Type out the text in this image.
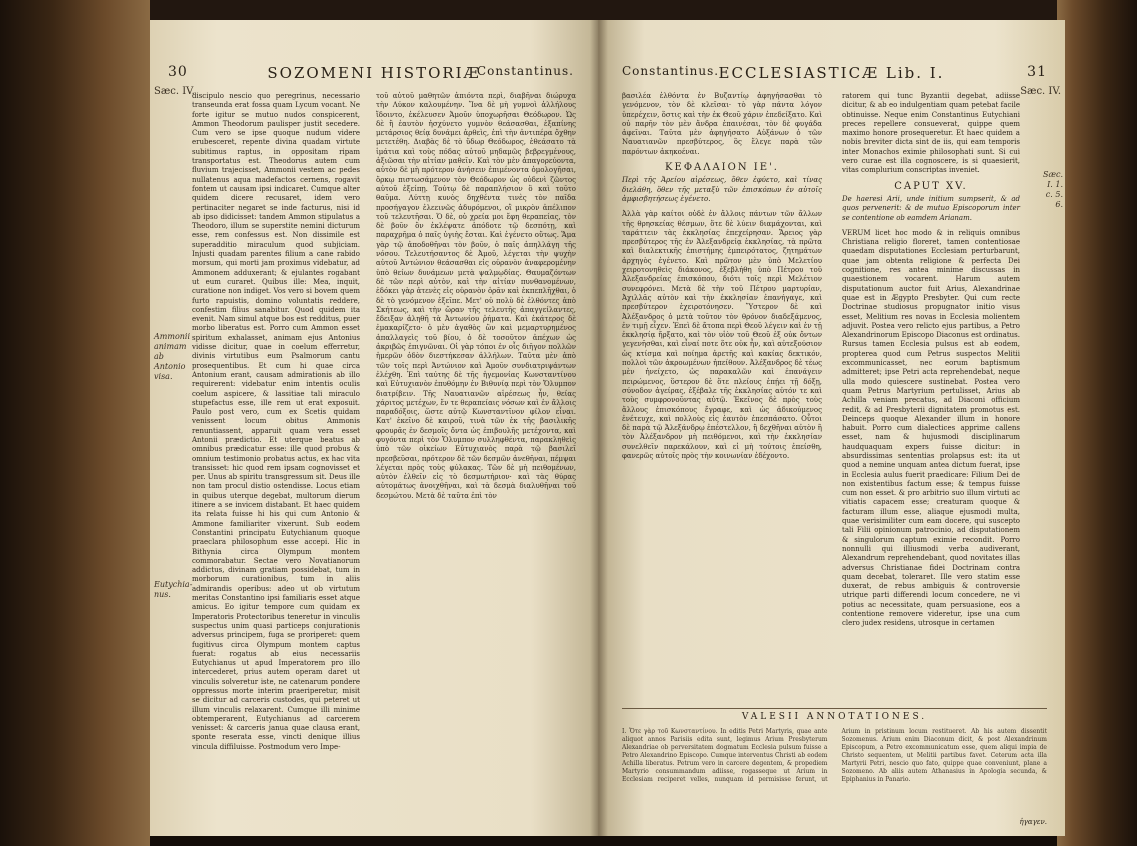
30	SOZOMENI HISTORIÆ
Constantinus.
Sæc. IV.
Ammonii animam ab Antonio visa.
Eutychia-nus.

discipulo nescio quo peregrinus, necessario transeunda erat fossa quam Lycum vocant. Ne forte igitur se mutuo nudos conspicerent, Ammon Theodorum paulisper justit secedere. Cum vero se ipse quoque nudum videre erubesceret, repente divina quadam virtute subitimus raptus, in oppositam ripam transportatus est. Theodorus autem cum fluvium trajecisset, Ammonii vestem ac pedes nullatenus aqua madefactos cernens, rogavit fontem ut causam ipsi indicaret. Cumque alter quidem dicere recusaret, idem vero pertinaciter negaret se inde facturus, nisi id ab ipso didicisset: tandem Ammon stipulatus a Theodoro, illum se superstite nemini dicturum esse, rem confessus est. Non dissimile est superadditio miraculum quod subjiciam. Injusti quadam parentes filium a cane rabido morsum, qui morti jam proximus videbatur, ad Ammonem adduxerant; & ejulantes rogabant ut eum curaret. Quibus ille: Mea, inquit, curatione non indiget. Vos vero si bovem quem furto rapuistis, domino voluntatis reddere, confestim filius sanabitur. Quod quidem ita evenit. Nam simul atque bos est redditus, puer morbo liberatus est. Porro cum Ammon esset spiritum exhalasset, animam ejus Antonius vidisse dicitur, quae in coelum efferretur, divinis virtutibus eum Psalmorum cantu prosequentibus. Et cum hi quae circa Antonium erant, causam admirationis ab illo requirerent: videbatur enim intentis oculis coelum aspicere, & lassitiae tali miraculo stupefactus esse, ille rem ut erat exposuit. Paulo post vero, cum ex Scetis quidam venissent locum obitus Ammonis renuntiassent, apparuit quam vera esset Antonii prædictio. Et uterque beatus ab omnibus prædicatur esse: ille quod probus & omnium testimonio probatus actus, ex hac vita transisset: hic quod rem ipsam cognovisset et per. Unus ab spiritu transgressum sit. Deus ille non tam procul distio ostendisse. Locus etiam in quibus uterque degebat, multorum dierum itinere a se invicem distabant. Et haec quidem ita relata fuisse hi his qui cum Antonio & Ammone familiariter vixerunt. Sub eodem Constantini principatu Eutychianum quoque praeclara philosophum esse accepi. Hic in Bithynia circa Olympum montem commorabatur. Sectae vero Novatianorum addictus, divinam gratiam possidebat, tum in morborum curationibus, tum in aliis admirandis operibus: adeo ut ob virtutum meritas Constantino ipsi familiaris esset atque amicus. Eo igitur tempore cum quidam ex Imperatoris Protectoribus teneretur in vinculis suspectus unim quasi particeps conjurationis adversus principem, fuga se proriperet: quem fugitivus circa Olympum montem captus fuerat: rogatus ab eius necessariis Eutychianus ut apud Imperatorem pro illo intercederet, prius autem operam daret ut vinculis solveretur iste, ne catenarum pondere oppressus morte interim praeriperetur, misit se dicitur ad carceris custodes, qui peteret ut illum vinculis relaxarent. Cumque illi minime obtemperarent, Eutychianus ad carcerem venisset: & carceris janua quae clausa erant, sponte reserata esse, vincti denique illius vincula diffiluisse. Postmodum vero Impe-

τοῦ αὐτοῦ μαθητῶν ἀπιόντα περὶ, διαβῆναι διώρυχα τὴν Λύκον καλουμένην. Ἵνα δὲ μὴ γυμνοὶ ἀλλήλους ἴδοιντο, ἐκέλευσεν Ἀμοῦν ὑποχωρῆσαι Θεόδωρον. Ὡς δὲ ἢ ἑαυτὸν ἠσχύνετο γυμνὸν θεάσασθαι, ἐξαπίνης μετάρσιος θείᾳ δυνάμει ἀρθεὶς, ἐπὶ τὴν ἀντιπέρα ὄχθην μετετέθη. Διαβὰς δὲ τὸ ὕδωρ Θεόδωρος, ἐθεάσατο τὰ ἱμάτια καὶ τοὺς πόδας αὐτοῦ μηδαμῶς βεβρεγμένους, ἀξιῶσαι τὴν αἰτίαν μαθεῖν. Καὶ τὸν μὲν ἀπαγορεύοντα, αὐτὸν δὲ μὴ πρότερον ἀνήσειν ἐπιμένοντα ὁμολογῆσαι, ὅρκῳ πιστωσάμενον τὸν Θεόδωρον ὡς οὐδενὶ ζῶντος αὐτοῦ ἐξείπῃ. Τούτῳ δὲ παραπλήσιον ὃ καὶ τοῦτο θαῦμα. Λύττῃ κυνὸς δηχθέντα τινὲς τὸν παῖδα προσήγαγον ἐλεεινῶς ἀδυρόμενοι, οἳ μικρὸν ἀπέλιπον τοῦ τελευτῆσαι. Ὁ δὲ, οὐ χρεία μοι ἔφη θεραπείας, τὸν δὲ βοῦν ὃν ἐκλέψατε ἀπόδοτε τῷ δεσπότῃ, καὶ παραχρῆμα ὁ παῖς ὑγιὴς ἔσται. Καὶ ἐγένετο οὕτως. Ἅμα γὰρ τῷ ἀποδοθῆναι τὸν βοῦν, ὁ παῖς ἀπηλλάγη τῆς νόσου. Τελευτήσαντος δὲ Ἀμοῦ, λέγεται τὴν ψυχὴν αὐτοῦ Ἀντώνιον θεάσασθαι εἰς οὐρανὸν ἀναφερομένην ὑπὸ θείων δυνάμεων μετὰ ψαλμῳδίας. Θαυμαζόντων δὲ τῶν περὶ αὐτὸν, καὶ τὴν αἰτίαν πυνθανομένων, ἐδόκει γὰρ ἀτενὲς εἰς οὐρανὸν ὁρᾶν καὶ ἐκπεπλῆχθαι, ὁ δὲ τὸ γενόμενον ἐξεῖπε. Μετ' οὐ πολὺ δὲ ἐλθόντες ἀπὸ Σκήτεως, καὶ τὴν ὥραν τῆς τελευτῆς ἀπαγγείλαντες, ἔδειξαν ἀληθῆ τὰ Ἀντωνίου ῥήματα. Καὶ ἑκάτερος δὲ ἐμακαρίζετο· ὁ μὲν ἀγαθὸς ὢν καὶ μεμαρτυρημένος ἀπαλλαγεὶς τοῦ βίου, ὁ δὲ τοσοῦτον ἀπέχων ὡς ἀκριβῶς ἐπιγνῶναι. Οἱ γὰρ τόποι ἐν οἷς διῆγον πολλῶν ἡμερῶν ὁδὸν διεστήκεσαν ἀλλήλων. Ταῦτα μὲν ἀπὸ τῶν τοῖς περὶ Ἀντώνιον καὶ Ἀμοῦν συνδιατριψάντων ἐλέχθη. Ἐπὶ ταύτης δὲ τῆς ἡγεμονίας Κωνσταντίνου καὶ Εὐτυχιανὸν ἐπυθόμην ἐν Βιθυνίᾳ περὶ τὸν Ὄλυμπον διατρίβειν. Τῆς Ναυατιανῶν αἱρέσεως ἦν, θείας χάριτος μετέχων, ἔν τε θεραπείαις νόσων καὶ ἐν ἄλλοις παραδόξοις, ὥστε αὐτῷ Κωνσταντῖνον φίλον εἶναι. Κατ' ἐκεῖνο δὲ καιροῦ, τινὰ τῶν ἐκ τῆς βασιλικῆς φρουρᾶς ἐν δεσμοῖς ὄντα ὡς ἐπιβουλῆς μετέχοντα, καὶ φυγόντα περὶ τὸν Ὄλυμπον συλληφθέντα, παρακληθεὶς ὑπὸ τῶν οἰκείων Εὐτυχιανὸς παρὰ τῷ βασιλεῖ πρεσβεῦσαι, πρότερον δὲ τῶν δεσμῶν ἀνεθῆναι, πέμψαι λέγεται πρὸς τοὺς φύλακας. Τῶν δὲ μὴ πειθομένων, αὐτὸν ἐλθεῖν εἰς τὸ δεσμωτήριον· καὶ τὰς θύρας αὐτομάτως ἀνοιχθῆναι, καὶ τὰ δεσμὰ διαλυθῆναι τοῦ δεσμώτου. Μετὰ δὲ ταῦτα ἐπὶ τὸν

Constantinus. ECCLESIASTICÆ Lib. I.	31
Sæc. IV.
Sæc. I. 1. c. 5. 6.

βασιλέα ἐλθόντα ἐν Βυζαντίῳ ἀφηγήσασθαι τὸ γενόμενον, τὸν δὲ κλεῖσαι· τὸ γὰρ πάντα λόγον ὑπερέχειν, ὅστις καὶ τὴν ἐκ Θεοῦ χάριν ἐπεδείξατο. Καὶ οὐ παρῆν τὸν μὲν ἄνδρα ἐπαινέσαι, τὸν δὲ φυγάδα ἀφεῖναι. Ταῦτα μὲν ἀφηγήσατο Αὐξάνων ὁ τῶν Ναυατιανῶν πρεσβύτερος, ὃς ἔλεγε παρὰ τῶν παρόντων ἀκηκοέναι.

ΚΕΦΑΛΑΙΟΝ ΙΕ'.
Περὶ τῆς Ἀρείου αἱρέσεως, ὅθεν ἐφύετο, καὶ τίνας διελάθη, ὅθεν τῆς μεταξὺ τῶν ἐπισκόπων ἐν αὐτοῖς ἀμφισβητήσεως ἐγένετο.

Ἀλλὰ γὰρ καίτοι οὐδὲ ἐν ἄλλοις πάντων τῶν ἄλλων τῆς θρησκείας θέσμων, ὅτε δὲ λύειν διαμάχονται, καὶ ταράττειν τὰς ἐκκλησίας ἐπεχείρησαν. Ἄρειος γὰρ πρεσβύτερος τῆς ἐν Ἀλεξανδρείᾳ ἐκκλησίας, τὰ πρῶτα καὶ διαλεκτικῆς ἐπιστήμης ἐμπειρότατος, ζητημάτων ἀρχηγὸς ἐγένετο. Καὶ πρῶτον μὲν ὑπὸ Μελετίου χειροτονηθεὶς διάκονος, ἐξεβλήθη ὑπὸ Πέτρου τοῦ Ἀλεξανδρείας ἐπισκόπου, διότι τοῖς περὶ Μελέτιον συνεφρόνει. Μετὰ δὲ τὴν τοῦ Πέτρου μαρτυρίαν, Ἀχιλλᾶς αὐτὸν καὶ τὴν ἐκκλησίαν ἐπανήγαγε, καὶ πρεσβύτερον ἐχειροτόνησεν. Ὕστερον δὲ καὶ Ἀλέξανδρος ὁ μετὰ τοῦτον τὸν θρόνον διαδεξάμενος, ἐν τιμῇ εἶχεν. Ἐπεὶ δὲ ἄτοπα περὶ Θεοῦ λέγειν καὶ ἐν τῇ ἐκκλησίᾳ ἤρξατο, καὶ τὸν υἱὸν τοῦ Θεοῦ ἐξ οὐκ ὄντων γεγενῆσθαι, καὶ εἶναί ποτε ὅτε οὐκ ἦν, καὶ αὐτεξούσιον ὡς κτίσμα καὶ ποίημα ἀρετῆς καὶ κακίας δεκτικόν, πολλοὶ τῶν ἀκροωμένων ἠπείθουν. Ἀλέξανδρος δὲ τέως μὲν ἠνείχετο, ὡς παρακαλῶν καὶ ἐπανάγειν πειρώμενος, ὕστερον δὲ ὅτε πλείους ἐπῄει τῇ δόξῃ, σύνοδον ἀγείρας, ἐξέβαλε τῆς ἐκκλησίας αὐτόν τε καὶ τοὺς συμφρονοῦντας αὐτῷ. Ἐκεῖνος δὲ πρὸς τοὺς ἄλλους ἐπισκόπους ἔγραφε, καὶ ὡς ἀδικούμενος ἐνέτευχε, καὶ πολλοὺς εἰς ἑαυτὸν ἐπεσπάσατο. Οὗτοι δὲ παρὰ τῷ Ἀλεξάνδρῳ ἐπέστελλον, ἢ δεχθῆναι αὐτὸν ἢ τὸν Ἀλέξανδρον μὴ πειθόμενοι, καὶ τὴν ἐκκλησίαν συνελθεῖν παρεκάλουν, καὶ εἰ μὴ τούτοις ἐπείσθη, φανερῶς αὐτοῖς πρὸς τὴν κοινωνίαν ἐδέχοντο.

ratorem qui tunc Byzantii degebat, adiisse dicitur, & ab eo indulgentiam quam petebat facile obtinuisse. Neque enim Constantinus Eutychiani preces repellere consueverat, quippe quem maximo honore prosequeretur. Et haec quidem a nobis breviter dicta sint de iis, qui eam temporis inter Monachos eximie philosophati sunt. Si cui vero curae est illa cognoscere, is si quaesierit, vitas complurium conscriptas inveniet.

CAPUT XV.
De haeresi Arii, unde initium sumpserit, & ad quos pervenerit: & de mutuo Episcoporum inter se contentione ob eamdem Arianam.

VERUM licet hoc modo & in reliquis omnibus Christiana religio floreret, tamen contentiosae quaedam disputationes Ecclesiam perturbarunt, quae jam obtenta religione & perfecta Dei cognitione, res antea minime discussas in quaestionem vocarent. Harum autem disputationum auctor fuit Arius, Alexandrinae quae est in Ægypto Presbyter. Qui cum recte Doctrinae studiosus propugnator initio visus esset, Melitium res novas in Ecclesia molientem adjuvit. Postea vero relicto ejus partibus, a Petro Alexandrinorum Episcopo Diaconus est ordinatus. Rursus tamen Ecclesia pulsus est ab eodem, propterea quod cum Petrus suspectos Melitii excommunicasset, nec eorum baptismum admitteret; ipse Petri acta reprehendebat, neque ulla modo quiescere sustinebat. Postea vero quam Petrus Martyrium pertulisset, Arius ab Achilla veniam precatus, ad Diaconi officium redit, & ad Presbyterii dignitatem promotus est. Deinceps quoque Alexander illum in honore habuit. Porro cum dialectices apprime callens esset, nam & hujusmodi disciplinarum haudquaquam expers fuisse dicitur: in absurdissimas sententias prolapsus est: ita ut quod a nemine unquam antea dictum fuerat, ipse in Ecclesia aulus fuerit praedicare: Filium Dei de non existentibus factum esse; & tempus fuisse cum non esset. & pro arbitrio suo illum virtuti ac vitiatis capacem esse; creaturam quoque & facturam illum esse, aliaque ejusmodi multa, quae verisimiliter cum eam docere, qui suscepto tali Filii opinionum patrocinio, ad disputationem & singulorum captum eximie recondit. Porro nonnulli qui illiusmodi verba audiverant, Alexandrum reprehendebant, quod novitates illas adversus Christianae fidei Doctrinam contra quam decebat, toleraret. Ille vero statim esse duxerat, de rebus ambiguis & controversie utrique parti differendi locum concedere, ne vi potius ac necessitate, quam persuasione, eos a contentione removere videretur, ipse una cum clero judex residens, utrosque in certamen

VALESII ANNOTATIONES.
I. Ὅτε γὰρ τοῦ Κωνσταντίνου. In editis Petri Martyris, quae ante aliquot annos Parisiis edita sunt, legimus Arium Presbyterum Alexandriae ob perversitatem dogmatum Ecclesia pulsum fuisse a Petro Alexandrino Episcopo. Cumque interventus Christi ab eodem Achilla liberatus. Petrum vero in carcere degentem, & propediem Martyrio consummandum adiisse, rogasseque ut Arium in Ecclesiam reciperet velles, nunquam id permisisse ferunt, ut Arium in pristinum locum restitueret. Ab his autem dissentit Sozomenus. Arium enim Diaconum dicit, & post Alexandrinum Episcopum, a Petro excommunicatum esse, quem aliqui impia de Christo sequentem, ut Melitii partibus favet. Ceterum acta illa Martyrii Petri, nescio quo fato, quippe quae conveniunt, plane a Sozomeno. Ab aliis autem Athanasius in Apologia secunda, & Epiphanius in Panario.
ἠγαγεν.
